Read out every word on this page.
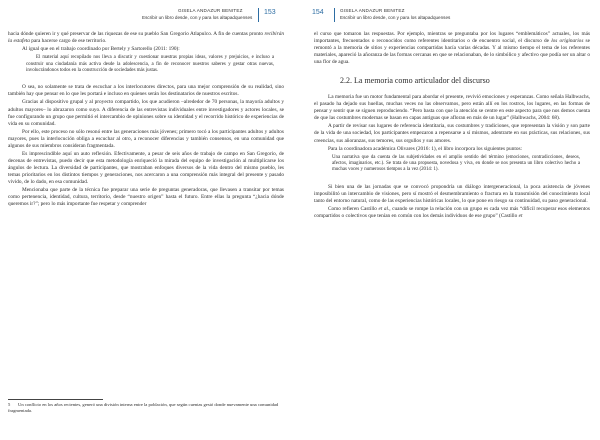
GISELA ANDAZUR BENITEZ
Escribir un libro desde, con y para los altapadquenses
153

hacia dónde quieren ir y qué preservar de las riquezas de ese su pueblo San Gregorio Atlapulco. A fin de cuentas pronto recibirán la estafeta para hacerse cargo de ese territorio.

Al igual que en el trabajo coordinado por Bertely y Sartorello (2011: 190):

El material aquí recopilado nos lleva a discutir y cuestionar nuestras propias ideas, valores y prejuicios, e incluso a construir una ciudadanía más activa desde la adolescencia, a fin de reconocer nuestros saberes y gestar otras nuevas, involucrándonos todos en la construcción de sociedades más justas.

O sea, no solamente se trata de escuchar a los interlocutores directos, para una mejor comprensión de su realidad, sino también hay que pensar en lo que les portará e incluso en quienes serán los destinatarios de nuestros escritos.

Gracias al dispositivo grupal y al proyecto compartido, los que acudieron –alrededor de 70 personas, la mayoría adultos y adultos mayores– lo abrazaron como suyo. A diferencia de las entrevistas individuales entre investigadores y actores locales, se fue configurando un grupo que permitió el intercambio de opiniones sobre su identidad y el recorrido histórico de experiencias de vida en su comunidad.

Por ello, este proceso no sólo resonó entre las generaciones más jóvenes; primero tocó a los participantes adultos y adultos mayores, pues la interlocución obliga a escuchar al otro, a reconocer diferencias y también consensos, en una comunidad que algunos de sus miembros consideran fragmentada.

Es imprescindible aquí un auto reflexión. Efectivamente, a pesar de seis años de trabajo de campo en San Gregorio, de decenas de entrevistas, puedo decir que esta metodología enriqueció la mirada del equipo de investigación al multiplicarse los ángulos de lectura. La diversidad de participantes, que mostraban enfoques diversos de la vida dentro del mismo pueblo, les temas prioritarios en los distintos tiempos y generaciones, nos acercaron a una comprensión más integral del presente y pasado vivido, de lo dado, en esa comunidad.

Mencionaba que parte de la técnica fue preparar una serie de preguntas generadoras, que llevasen a transitar por temas como pertenencia, identidad, cultura, territorio, desde “nuestro origen” hasta el futuro. Entre ellas la pregunta “¿hacia dónde queremos ir?”; pero lo más importante fue respetar y comprender

5 Un conflicto en los años recientes, generó una división interna entre la población, que según cuentas gestó donde nuevamente una comunidad fragmentada.
154	GISELA ANDAZUR BENITEZ
Escribir un libro desde, con y para los altapadquenses

el curso que tomaron las respuestas. Por ejemplo, mientras se preguntaba por los lugares “emblemáticos” actuales, los más importantes, frecuentados o reconocidos como referentes identitarios o de encuentro social, el discurso de los originarios se remontó a la memoria de sitios y experiencias compartidas hacía varias décadas. Y al mismo tiempo el tema de los referentes materiales, apareció la añoranza de las formas cercanas en que se relacionaban, de lo simbólico y afectivo que podía ser un altar o una flor de agua.

2.2. La memoria como articulador del discurso

La memoria fue un motor fundamental para abordar el presente, revivió emociones y esperanzas. Como señala Halbwachs, el pasado ha dejado sus huellas, muchas veces no las observamos, pero están allí en los rostros, los lugares, en las formas de pensar y sentir que se siguen reproduciendo. “Pero basta con que la atención se centre en este aspecto para que nos demos cuenta de que las costumbres modernas se basan en capas antiguas que afloran en más de un lugar” (Halbwachs, 2004: 68).

A partir de revisar sus lugares de referencia identitaria, sus costumbres y tradiciones, que representan la visión y son parte de la vida de una sociedad, los participantes empezaron a repensarse a sí mismos, adentrarte en sus prácticas, sus relaciones, sus creencias, sus añoranzas, sus temores, sus orgullos y sus amores.

Para la coordinadora académica Olivares (2016: 1), el libro incorpora los siguientes puntos:

Una narrativa que da cuenta de las subjetividades en el amplio sentido del término (emociones, contradicciones, deseos, afectos, imaginarios, etc.). Se trata de una propuesta, novedosa y viva, en donde se nos presenta un libro colectivo hecho a muchas voces y numerosos tiempos a la vez (2014: 1).

Si bien una de las jornadas que se convocó propondría un diálogo intergeneracional, la poca asistencia de jóvenes imposibilitó un intercambio de visiones, pero sí mostró el desmembramiento o fractura en la transmisión del conocimiento local tanto del entorno natural, como de las experiencias históricas locales, lo que pone en riesgo su continuidad, su paso generacional.

Como refieren Castillo et al., cuando se rompe la relación con un grupo es cada vez más “difícil recuperar esos elementos compartidos o colectivos que tenían en común con los demás individuos de ese grupo” (Castillo et
